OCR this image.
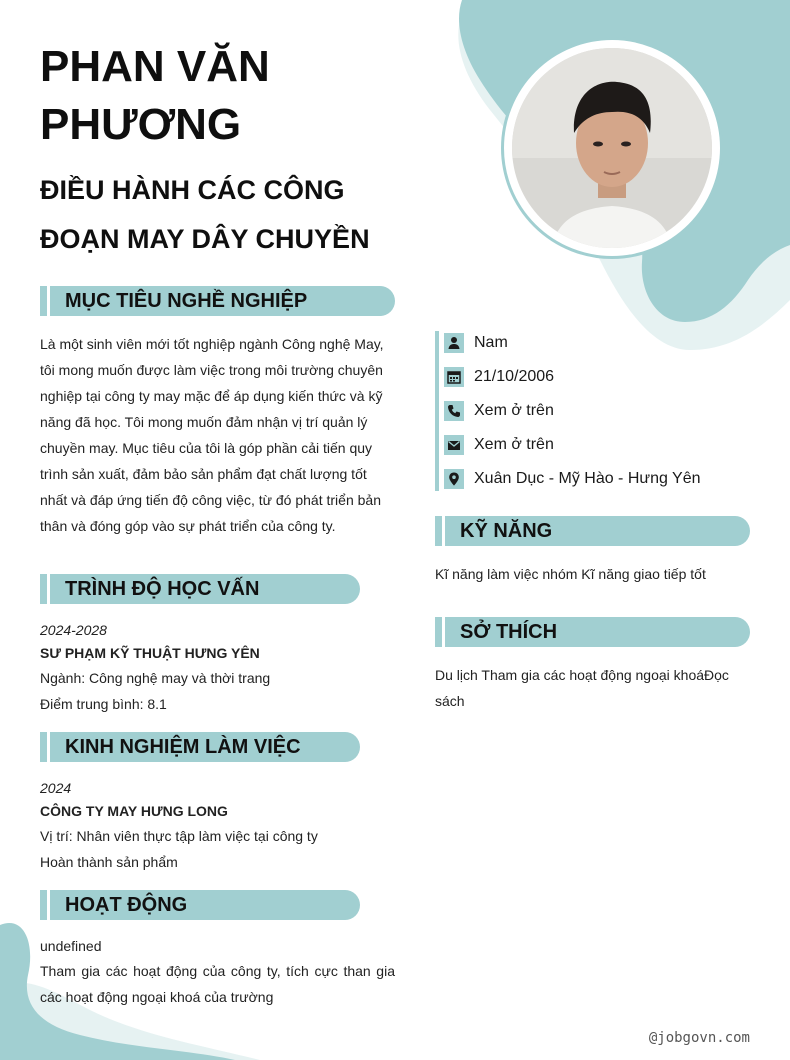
PHAN VĂN PHƯƠNG
ĐIỀU HÀNH CÁC CÔNG ĐOẠN MAY DÂY CHUYỀN
MỤC TIÊU NGHỀ NGHIỆP

Là một sinh viên mới tốt nghiệp ngành Công nghệ May, tôi mong muốn được làm việc trong môi trường chuyên nghiệp tại công ty may mặc để áp dụng kiến thức và kỹ năng đã học. Tôi mong muốn đảm nhận vị trí quản lý chuyền may. Mục tiêu của tôi là góp phần cải tiến quy trình sản xuất, đảm bảo sản phẩm đạt chất lượng tốt nhất và đáp ứng tiến độ công việc, từ đó phát triển bản thân và đóng góp vào sự phát triển của công ty.

TRÌNH ĐỘ HỌC VẤN
2024-2028
SƯ PHẠM KỸ THUẬT HƯNG YÊN
Ngành: Công nghệ may và thời trang
Điểm trung bình: 8.1
KINH NGHIỆM LÀM VIỆC
2024
CÔNG TY MAY HƯNG LONG
Vị trí: Nhân viên thực tập làm việc tại công ty
Hoàn thành sản phẩm
HOẠT ĐỘNG
undefined

Tham gia các hoạt động của công ty, tích cực than gia các hoạt động ngoại khoá của trường

Nam
21/10/2006
Xem ở trên
Xem ở trên
Xuân Dục - Mỹ Hào - Hưng Yên
KỸ NĂNG
Kĩ năng làm việc nhóm Kĩ năng giao tiếp tốt
SỞ THÍCH

Du lịch Tham gia các hoạt động ngoại khoáĐọc sách

@jobgovn.com
